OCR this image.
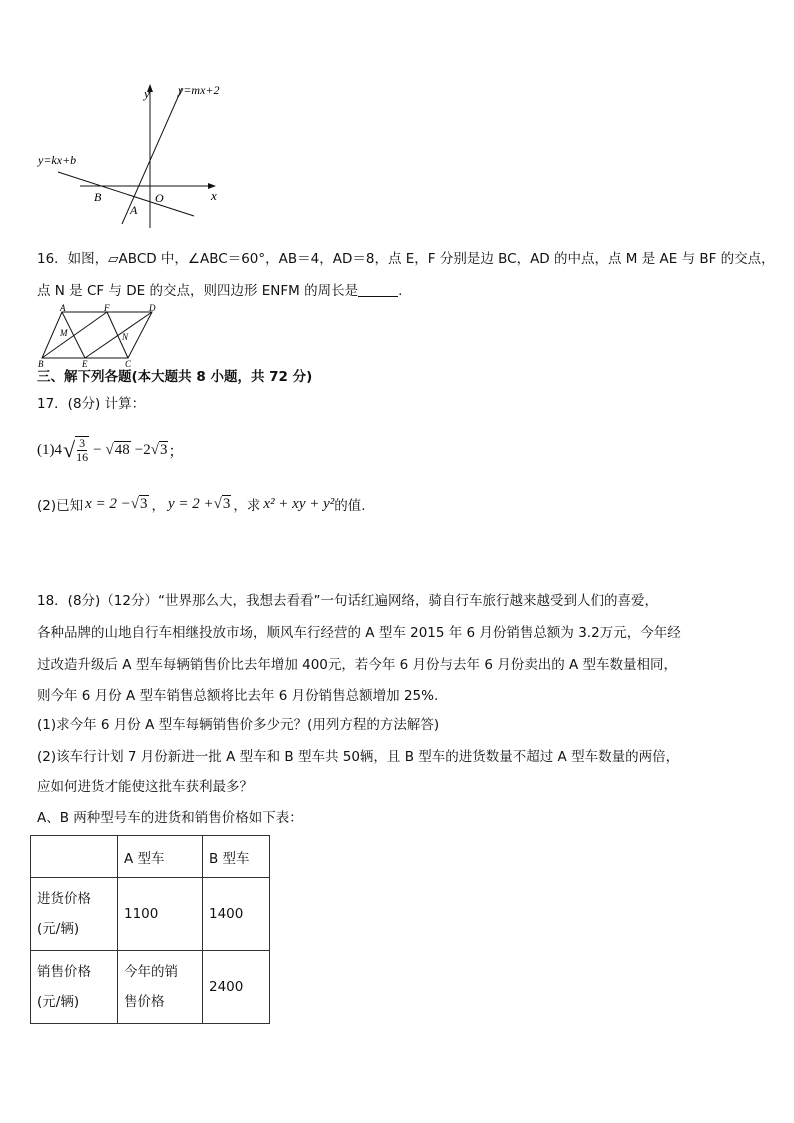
y
x
y=mx+2
y=kx+b
B	O
A
16．如图，▱ABCD 中，∠ABC＝60°，AB＝4，AD＝8，点 E，F 分别是边 BC，AD 的中点，点 M 是 AE 与 BF 的交点，
点 N 是 CF 与 DE 的交点，则四边形 ENFM 的周长是	.
A	F	D
M	N
B	E	C
三、解下列各题(本大题共 8 小题，共 72 分)
17．(8分) 计算：
(1)4 √ $\frac{3}{16}$ − √ 48 −2 √ 3 ；
(2)已知 x = 2 − √ 3 ， y = 2 + √ 3 ，求 x² + xy + y² 的值.
18．(8分)（12分）“世界那么大，我想去看看”一句话红遍网络，骑自行车旅行越来越受到人们的喜爱，
各种品牌的山地自行车相继投放市场，顺风车行经营的 A 型车 2015 年 6 月份销售总额为 3.2万元，今年经
过改造升级后 A 型车每辆销售价比去年增加 400元，若今年 6 月份与去年 6 月份卖出的 A 型车数量相同，
则今年 6 月份 A 型车销售总额将比去年 6 月份销售总额增加 25%.
(1)求今年 6 月份 A 型车每辆销售价多少元？(用列方程的方法解答)
(2)该车行计划 7 月份新进一批 A 型车和 B 型车共 50辆，且 B 型车的进货数量不超过 A 型车数量的两倍，
应如何进货才能使这批车获利最多？
A、B 两种型号车的进货和销售价格如下表：
	A 型车	B 型车

进货价格
(元/辆)	1100	1400

销售价格
(元/辆)	今年的销
售价格	2400
